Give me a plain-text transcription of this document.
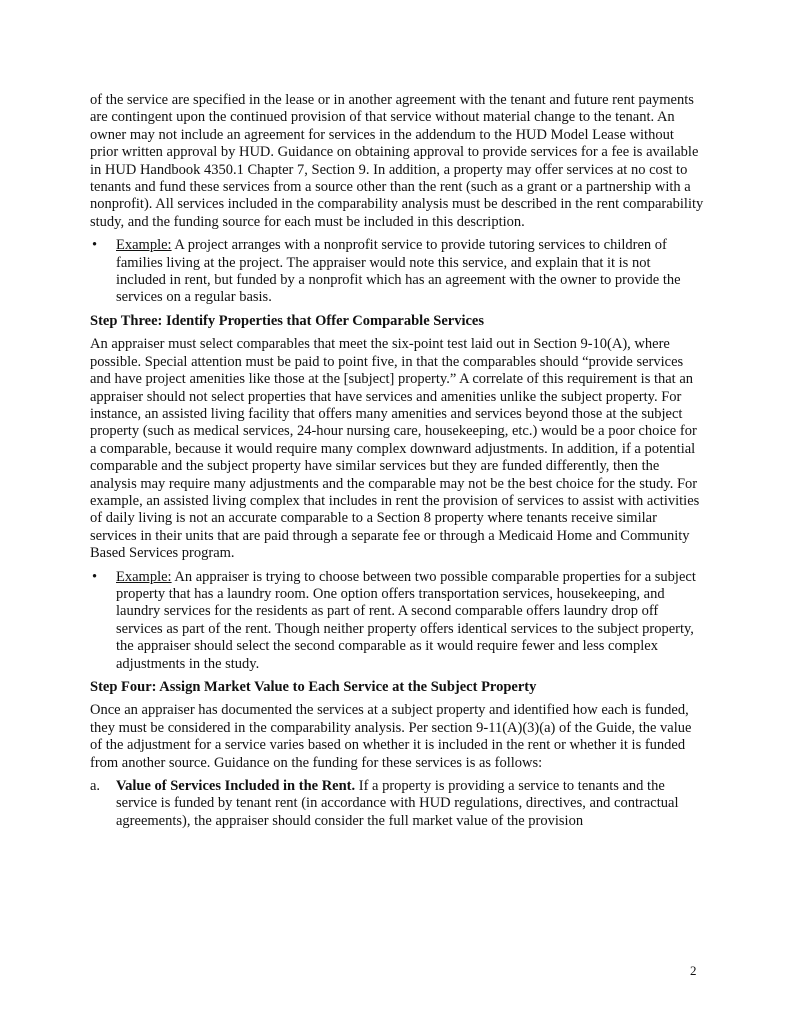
of the service are specified in the lease or in another agreement with the tenant and future rent payments are contingent upon the continued provision of that service without material change to the tenant. An owner may not include an agreement for services in the addendum to the HUD Model Lease without prior written approval by HUD. Guidance on obtaining approval to provide services for a fee is available in HUD Handbook 4350.1 Chapter 7, Section 9. In addition, a property may offer services at no cost to tenants and fund these services from a source other than the rent (such as a grant or a partnership with a nonprofit). All services included in the comparability analysis must be described in the rent comparability study, and the funding source for each must be included in this description.

• Example: A project arranges with a nonprofit service to provide tutoring services to children of families living at the project. The appraiser would note this service, and explain that it is not included in rent, but funded by a nonprofit which has an agreement with the owner to provide the services on a regular basis.

Step Three: Identify Properties that Offer Comparable Services

An appraiser must select comparables that meet the six-point test laid out in Section 9-10(A), where possible. Special attention must be paid to point five, in that the comparables should “provide services and have project amenities like those at the [subject] property.” A correlate of this requirement is that an appraiser should not select properties that have services and amenities unlike the subject property. For instance, an assisted living facility that offers many amenities and services beyond those at the subject property (such as medical services, 24-hour nursing care, housekeeping, etc.) would be a poor choice for a comparable, because it would require many complex downward adjustments. In addition, if a potential comparable and the subject property have similar services but they are funded differently, then the analysis may require many adjustments and the comparable may not be the best choice for the study. For example, an assisted living complex that includes in rent the provision of services to assist with activities of daily living is not an accurate comparable to a Section 8 property where tenants receive similar services in their units that are paid through a separate fee or through a Medicaid Home and Community Based Services program.

• Example: An appraiser is trying to choose between two possible comparable properties for a subject property that has a laundry room. One option offers transportation services, housekeeping, and laundry services for the residents as part of rent. A second comparable offers laundry drop off services as part of the rent. Though neither property offers identical services to the subject property, the appraiser should select the second comparable as it would require fewer and less complex adjustments in the study.

Step Four: Assign Market Value to Each Service at the Subject Property

Once an appraiser has documented the services at a subject property and identified how each is funded, they must be considered in the comparability analysis. Per section 9-11(A)(3)(a) of the Guide, the value of the adjustment for a service varies based on whether it is included in the rent or whether it is funded from another source. Guidance on the funding for these services is as follows:

a. Value of Services Included in the Rent. If a property is providing a service to tenants and the service is funded by tenant rent (in accordance with HUD regulations, directives, and contractual agreements), the appraiser should consider the full market value of the provision
2
